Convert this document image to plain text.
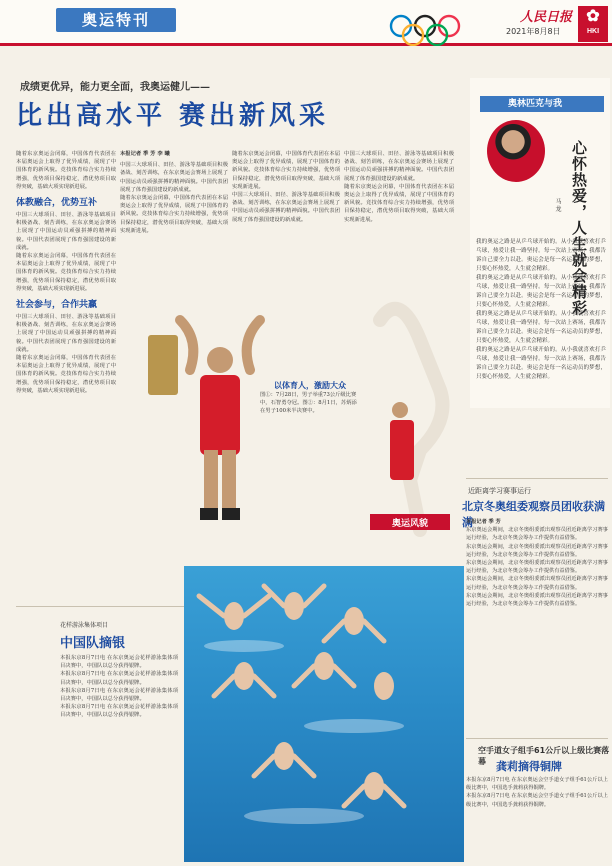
奥运特刊	人民日报
2021年8月8日
✿
HKI
成绩更优异，能力更全面，我奥运健儿——
比出高水平 赛出新风采
随着东京奥运会闭幕，中国体育代表团在本届奥运会上取得了优异成绩，展现了中国体育的新风貌。竞技体育综合实力持续增强，优势项目保持稳定，潜优势项目取得突破，基础大项实现新进展。
体教融合，优势互补
中国三大球项目、田径、游泳等基础项目积极备战、刻苦训练，在东京奥运会赛场上展现了中国运动员顽强拼搏的精神面貌。中国代表团展现了体育强国建设的新成就。
随着东京奥运会闭幕，中国体育代表团在本届奥运会上取得了优异成绩，展现了中国体育的新风貌。竞技体育综合实力持续增强，优势项目保持稳定，潜优势项目取得突破，基础大项实现新进展。
社会参与，合作共赢
中国三大球项目、田径、游泳等基础项目积极备战、刻苦训练，在东京奥运会赛场上展现了中国运动员顽强拼搏的精神面貌。中国代表团展现了体育强国建设的新成就。
随着东京奥运会闭幕，中国体育代表团在本届奥运会上取得了优异成绩，展现了中国体育的新风貌。竞技体育综合实力持续增强，优势项目保持稳定，潜优势项目取得突破，基础大项实现新进展。
本报记者 季 芳 李 曦
中国三大球项目、田径、游泳等基础项目积极备战、刻苦训练，在东京奥运会赛场上展现了中国运动员顽强拼搏的精神面貌。中国代表团展现了体育强国建设的新成就。
随着东京奥运会闭幕，中国体育代表团在本届奥运会上取得了优异成绩，展现了中国体育的新风貌。竞技体育综合实力持续增强，优势项目保持稳定，潜优势项目取得突破，基础大项实现新进展。
随着东京奥运会闭幕，中国体育代表团在本届奥运会上取得了优异成绩，展现了中国体育的新风貌。竞技体育综合实力持续增强，优势项目保持稳定，潜优势项目取得突破，基础大项实现新进展。
中国三大球项目、田径、游泳等基础项目积极备战、刻苦训练，在东京奥运会赛场上展现了中国运动员顽强拼搏的精神面貌。中国代表团展现了体育强国建设的新成就。
中国三大球项目、田径、游泳等基础项目积极备战、刻苦训练，在东京奥运会赛场上展现了中国运动员顽强拼搏的精神面貌。中国代表团展现了体育强国建设的新成就。
随着东京奥运会闭幕，中国体育代表团在本届奥运会上取得了优异成绩，展现了中国体育的新风貌。竞技体育综合实力持续增强，优势项目保持稳定，潜优势项目取得突破，基础大项实现新进展。
以体育人，激励大众
图①：7月28日，男子举重73公斤级比赛中，石智勇夺冠。图②：8月1日，苏炳添在男子100米半决赛中。
奥运风貌
奥林匹克与我
心怀热爱，人生就会精彩
马 龙
我的奥运之路是从乒乓球开始的。从小我就喜欢打乒乓球，热爱让我一路坚持。每一次站上赛场，我都告诉自己要全力以赴。奥运会是每一名运动员的梦想，只要心怀热爱，人生就会精彩。
我的奥运之路是从乒乓球开始的。从小我就喜欢打乒乓球，热爱让我一路坚持。每一次站上赛场，我都告诉自己要全力以赴。奥运会是每一名运动员的梦想，只要心怀热爱，人生就会精彩。
我的奥运之路是从乒乓球开始的。从小我就喜欢打乒乓球，热爱让我一路坚持。每一次站上赛场，我都告诉自己要全力以赴。奥运会是每一名运动员的梦想，只要心怀热爱，人生就会精彩。
我的奥运之路是从乒乓球开始的。从小我就喜欢打乒乓球，热爱让我一路坚持。每一次站上赛场，我都告诉自己要全力以赴。奥运会是每一名运动员的梦想，只要心怀热爱，人生就会精彩。
近距离学习赛事运行
北京冬奥组委观察员团收获满满
本报记者 季 芳
东京奥运会期间，北京冬奥组委派出观察员团近距离学习赛事运行经验，为北京冬奥会筹办工作提供有益借鉴。
东京奥运会期间，北京冬奥组委派出观察员团近距离学习赛事运行经验，为北京冬奥会筹办工作提供有益借鉴。
东京奥运会期间，北京冬奥组委派出观察员团近距离学习赛事运行经验，为北京冬奥会筹办工作提供有益借鉴。
东京奥运会期间，北京冬奥组委派出观察员团近距离学习赛事运行经验，为北京冬奥会筹办工作提供有益借鉴。
东京奥运会期间，北京冬奥组委派出观察员团近距离学习赛事运行经验，为北京冬奥会筹办工作提供有益借鉴。
空手道女子组手61公斤以上级比赛落幕 龚莉摘得铜牌
本报东京8月7日电 在东京奥运会空手道女子组手61公斤以上级比赛中，中国选手龚莉获得铜牌。
本报东京8月7日电 在东京奥运会空手道女子组手61公斤以上级比赛中，中国选手龚莉获得铜牌。
花样游泳集体项目
中国队摘银
本报东京8月7日电 在东京奥运会花样游泳集体项目决赛中，中国队以总分获得银牌。
本报东京8月7日电 在东京奥运会花样游泳集体项目决赛中，中国队以总分获得银牌。
本报东京8月7日电 在东京奥运会花样游泳集体项目决赛中，中国队以总分获得银牌。
本报东京8月7日电 在东京奥运会花样游泳集体项目决赛中，中国队以总分获得银牌。
